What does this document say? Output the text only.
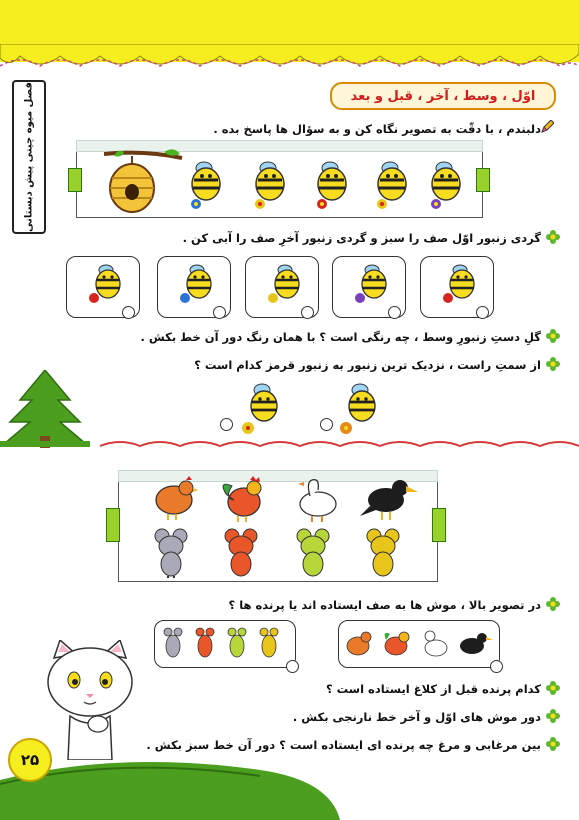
فصل میوه چینی پیش دبستانی	اوّل ، وسط ، آخر ، قبل و بعد
دلبندم ، با دقّت به تصویر نگاه کن و به سؤال ها پاسخ بده .
گردی زنبور اوّل صف را سبز و گردی زنبور آخرِ صف را آبی کن .
گلِ دستِ زنبورِ وسط ، چه رنگی است ؟ با همان رنگ دور آن خط بکش .
از سمتِ راست ، نزدیک ترین زنبور به زنبور قرمز کدام است ؟
در تصویر بالا ، موش ها به صف ایستاده اند یا پرنده ها ؟
کدام پرنده قبل از کلاغ ایستاده است ؟
دور موش های اوّل و آخر خط نارنجی بکش .
بین مرغابی و مرغ چه پرنده ای ایستاده است ؟ دور آن خط سبز بکش .
۲۵
